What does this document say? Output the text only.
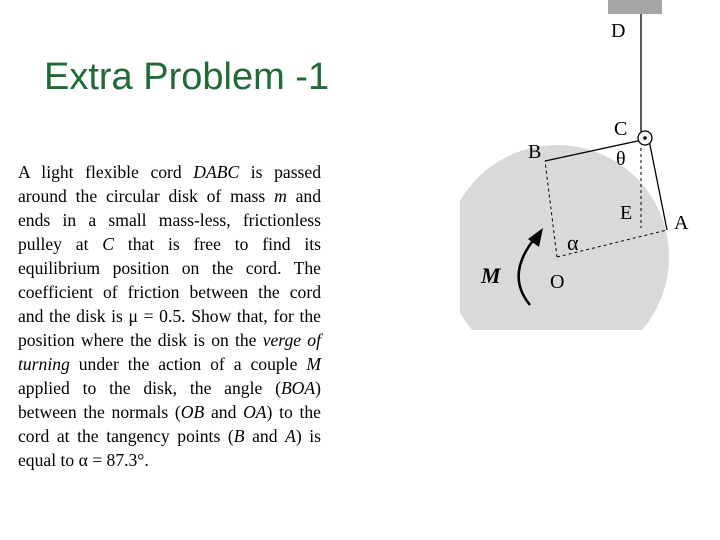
Extra Problem -1

A light flexible cord DABC is passed around the circular disk of mass m and ends in a small mass-less, frictionless pulley at C that is free to find its equilibrium position on the cord. The coefficient of friction between the cord and the disk is μ = 0.5. Show that, for the position where the disk is on the verge of turning under the action of a couple M applied to the disk, the angle (BOA) between the normals (OB and OA) to the cord at the tangency points (B and A) is equal to α = 87.3°.

D
C
B	θ
E A
α
M O
